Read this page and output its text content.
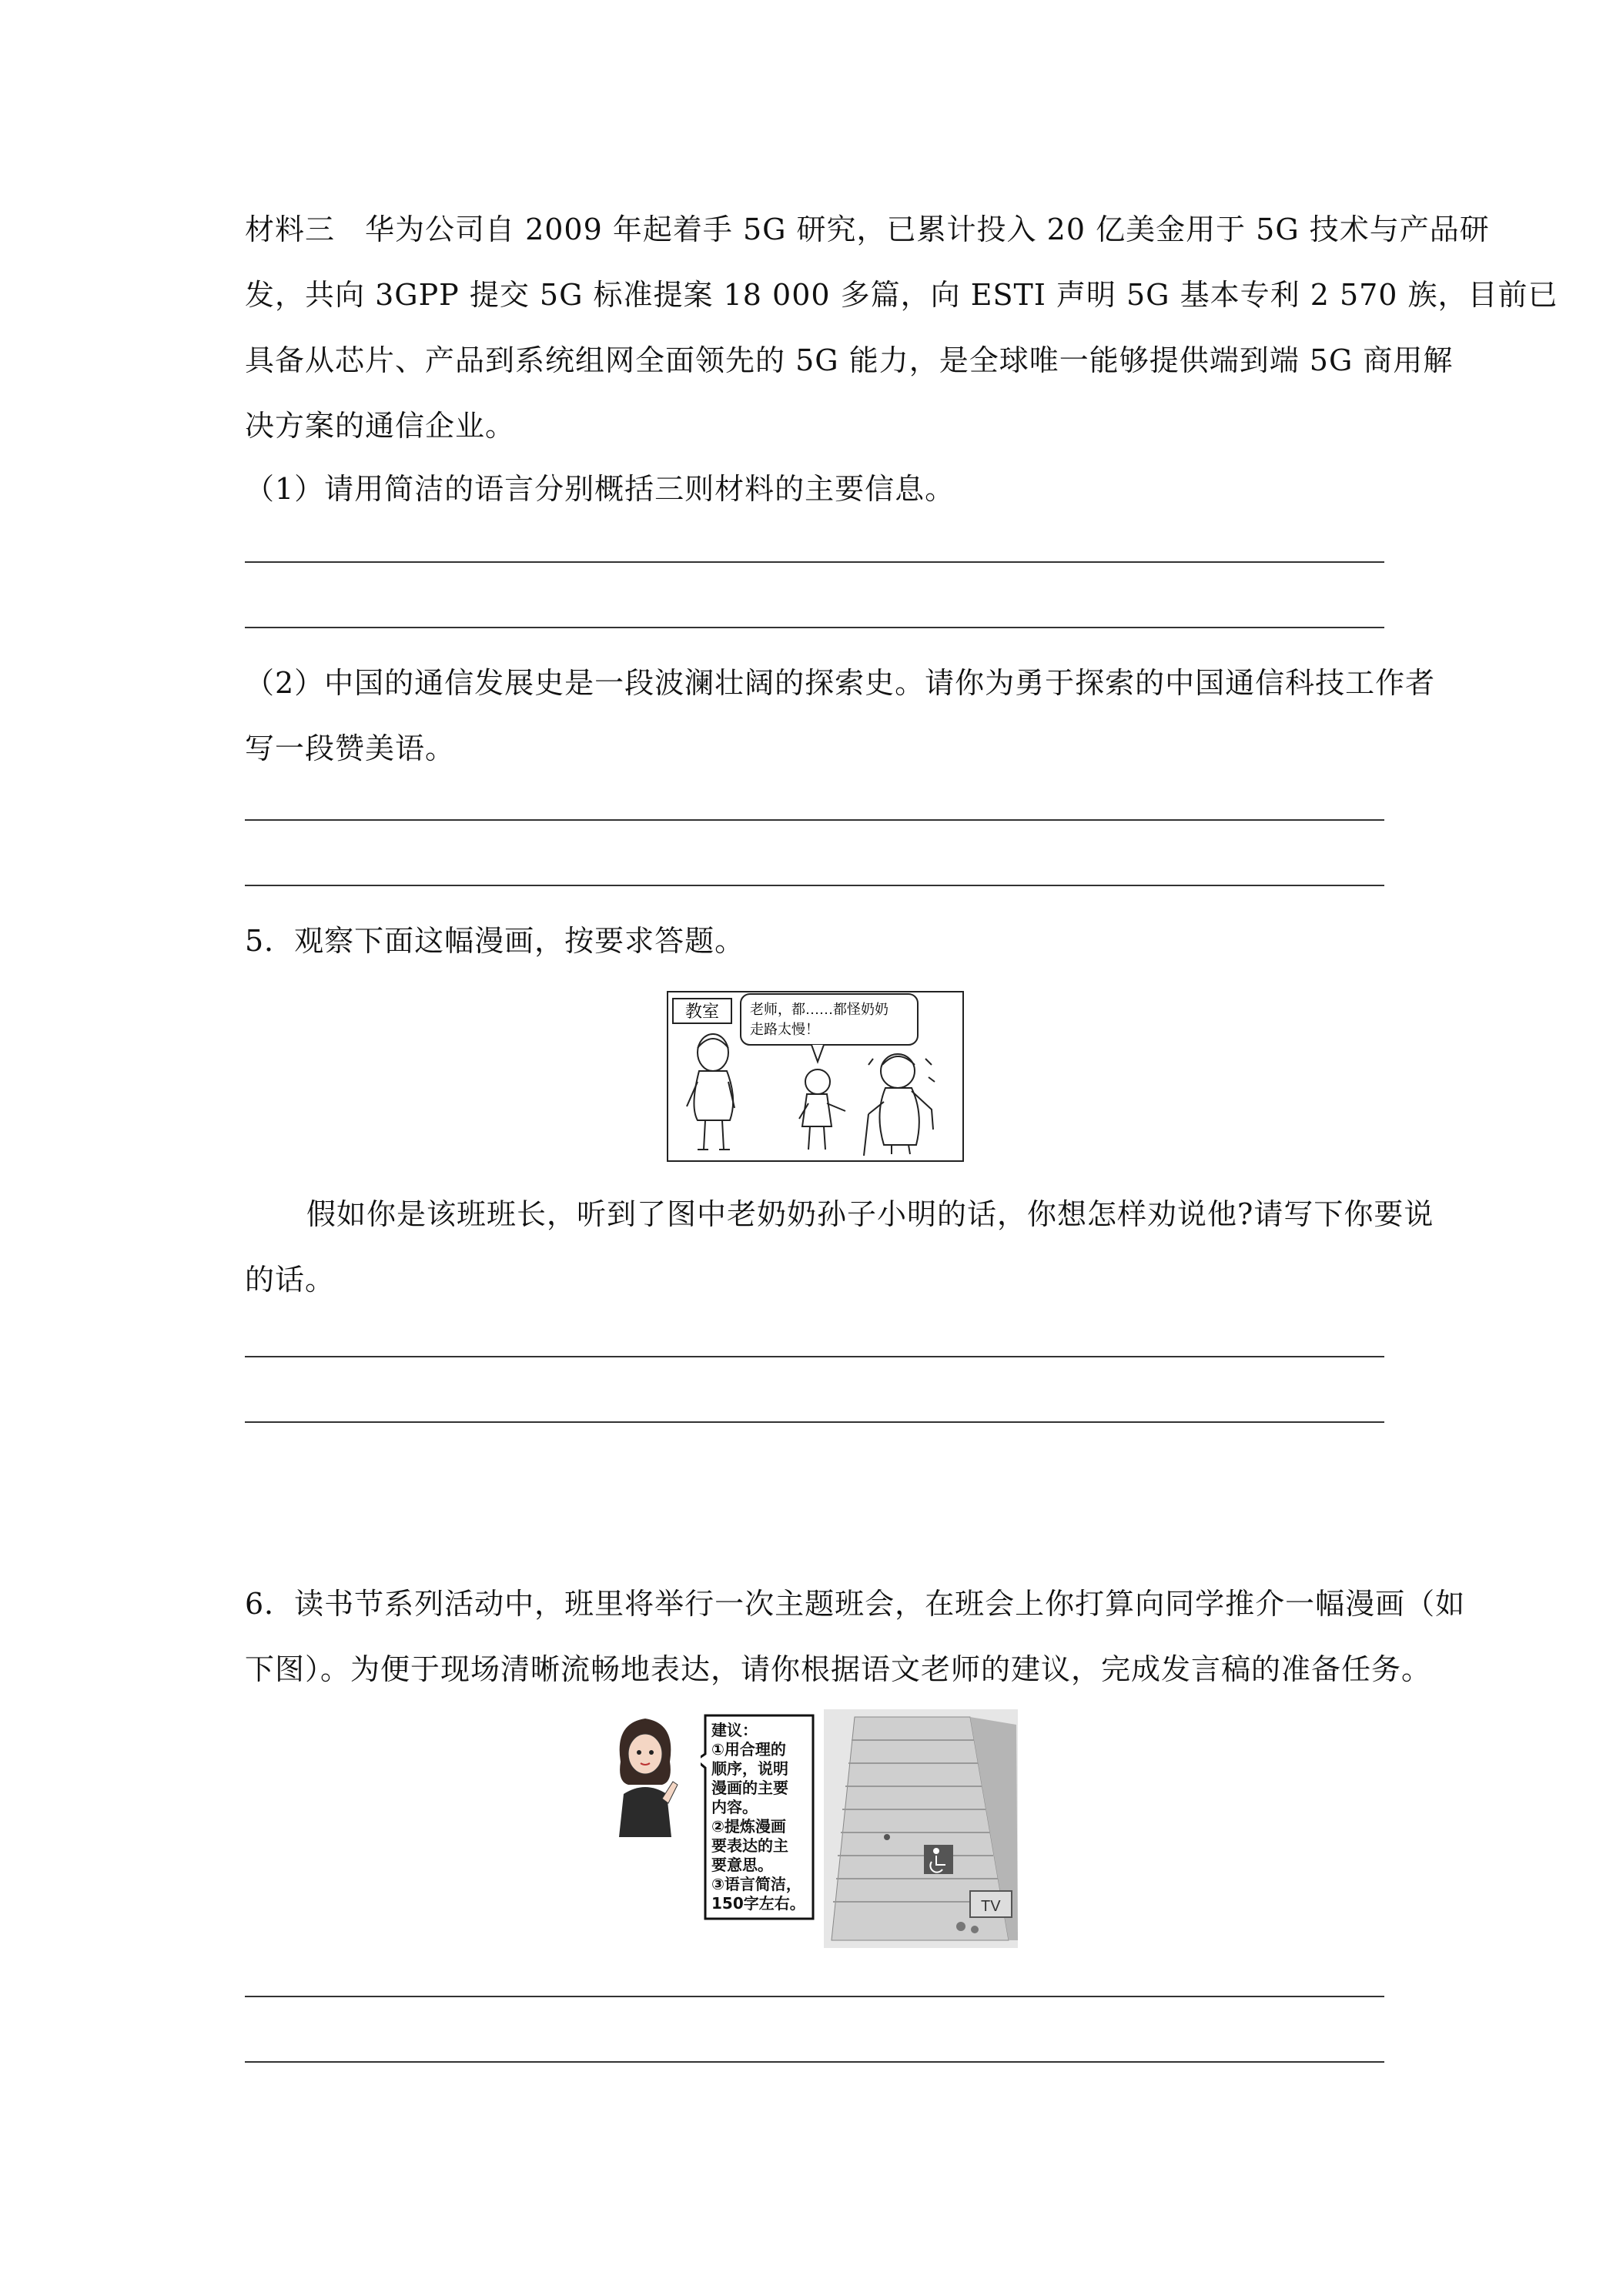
材料三　华为公司自 2009 年起着手 5G 研究，已累计投入 20 亿美金用于 5G 技术与产品研
发，共向 3GPP 提交 5G 标准提案 18 000 多篇，向 ESTI 声明 5G 基本专利 2 570 族，目前已
具备从芯片、产品到系统组网全面领先的 5G 能力，是全球唯一能够提供端到端 5G 商用解
决方案的通信企业。
（1）请用简洁的语言分别概括三则材料的主要信息。
（2）中国的通信发展史是一段波澜壮阔的探索史。请你为勇于探索的中国通信科技工作者
写一段赞美语。
5．观察下面这幅漫画，按要求答题。
教室 老师，都……都怪奶奶
走路太慢！
假如你是该班班长，听到了图中老奶奶孙子小明的话，你想怎样劝说他?请写下你要说
的话。
6．读书节系列活动中，班里将举行一次主题班会，在班会上你打算向同学推介一幅漫画（如
下图）。为便于现场清晰流畅地表达，请你根据语文老师的建议，完成发言稿的准备任务。
建议：
①用合理的
顺序，说明
漫画的主要
内容。
②提炼漫画
要表达的主
要意思。
③语言简洁，
150字左右。	TV
